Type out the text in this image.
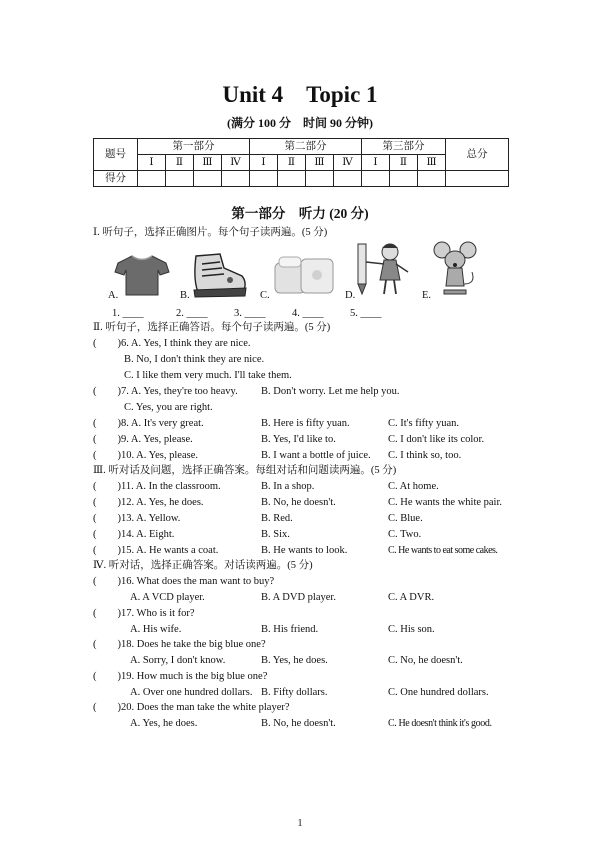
Unit 4　Topic 1
(满分 100 分　时间 90 分钟)
题号	第一部分				第二部分				第三部分			总分
	Ⅰ	Ⅱ	Ⅲ	Ⅳ	Ⅰ	Ⅱ	Ⅲ	Ⅳ	Ⅰ	Ⅱ	Ⅲ	
得分												
第一部分　听力 (20 分)
Ⅰ. 听句子，选择正确图片。每个句子读两遍。(5 分)
A.	B.	C.	D.	E.
1. ____	2. ____	3. ____	4. ____	5. ____
Ⅱ. 听句子，选择正确答语。每个句子读两遍。(5 分)
(　　)6. A. Yes, I think they are nice.
B. No, I don't think they are nice.
C. I like them very much. I'll take them.
(　　)7. A. Yes, they're too heavy. B. Don't worry. Let me help you.
C. Yes, you are right.
(　　)8. A. It's very great.	B. Here is fifty yuan.	C. It's fifty yuan.
(　　)9. A. Yes, please.	B. Yes, I'd like to.	C. I don't like its color.
(　　)10. A. Yes, please.	B. I want a bottle of juice. C. I think so, too.
Ⅲ. 听对话及问题，选择正确答案。每组对话和问题读两遍。(5 分)
(　　)11. A. In the classroom.	B. In a shop.	C. At home.
(　　)12. A. Yes, he does.	B. No, he doesn't.	C. He wants the white pair.
(　　)13. A. Yellow.	B. Red.	C. Blue.
(　　)14. A. Eight.	B. Six.	C. Two.
(　　)15. A. He wants a coat.	B. He wants to look.	C. He wants to eat some cakes.
Ⅳ. 听对话，选择正确答案。对话读两遍。(5 分)
(　　)16. What does the man want to buy?
A. A VCD player.	B. A DVD player.	C. A DVR.
(　　)17. Who is it for?
A. His wife.	B. His friend.	C. His son.
(　　)18. Does he take the big blue one?
A. Sorry, I don't know.	B. Yes, he does.	C. No, he doesn't.
(　　)19. How much is the big blue one?
A. Over one hundred dollars. B. Fifty dollars.	C. One hundred dollars.
(　　)20. Does the man take the white player?
A. Yes, he does.	B. No, he doesn't.	C. He doesn't think it's good.
1
